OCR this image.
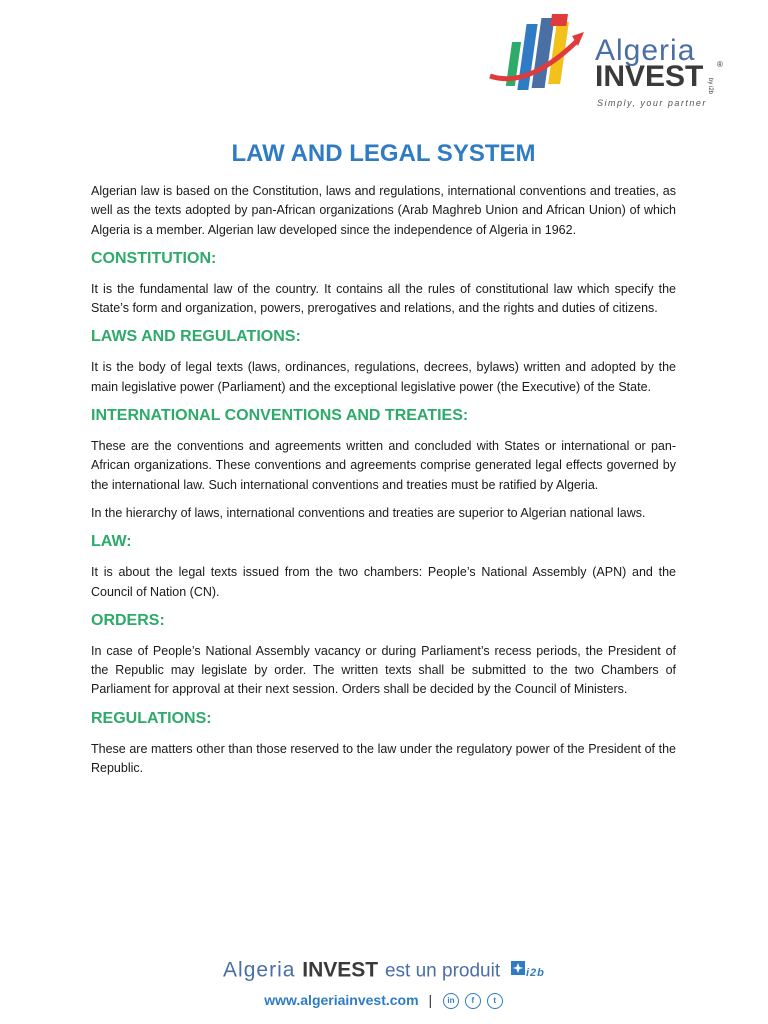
Algeria
INVEST ®
by i2b
Simply, your partner
LAW AND LEGAL SYSTEM

Algerian law is based on the Constitution, laws and regulations, international conventions and treaties, as well as the texts adopted by pan-African organizations (Arab Maghreb Union and African Union) of which Algeria is a member. Algerian law developed since the independence of Algeria in 1962.

CONSTITUTION:

It is the fundamental law of the country. It contains all the rules of constitutional law which specify the State’s form and organization, powers, prerogatives and relations, and the rights and duties of citizens.

LAWS AND REGULATIONS:

It is the body of legal texts (laws, ordinances, regulations, decrees, bylaws) written and adopted by the main legislative power (Parliament) and the exceptional legislative power (the Executive) of the State.

INTERNATIONAL CONVENTIONS AND TREATIES:

These are the conventions and agreements written and concluded with States or international or pan-African organizations. These conventions and agreements comprise generated legal effects governed by the international law. Such international conventions and treaties must be ratified by Algeria.

In the hierarchy of laws, international conventions and treaties are superior to Algerian national laws.

LAW:

It is about the legal texts issued from the two chambers: People’s National Assembly (APN) and the Council of Nation (CN).

ORDERS:

In case of People’s National Assembly vacancy or during Parliament’s recess periods, the President of the Republic may legislate by order. The written texts shall be submitted to the two Chambers of Parliament for approval at their next session. Orders shall be decided by the Council of Ministers.

REGULATIONS:

These are matters other than those reserved to the law under the regulatory power of the President of the Republic.

Algeria INVEST est un produit i2b
www.algeriainvest.com | in f t
